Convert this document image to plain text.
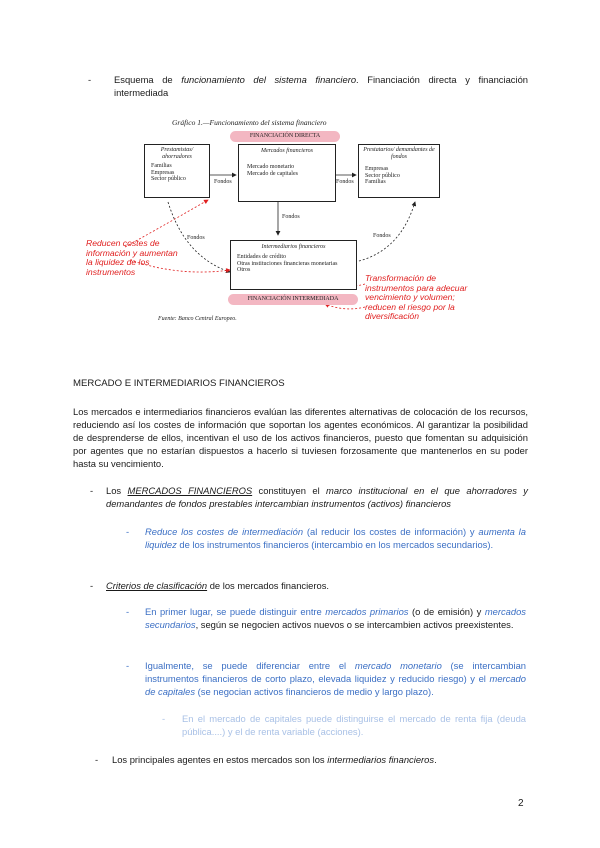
-	Esquema de funcionamiento del sistema financiero. Financiación directa y financiación intermediada
Gráfico 1.—Funcionamiento del sistema financiero
FINANCIACIÓN DIRECTA
Prestamistas/ ahorradores
Familias
Empresas
Sector público
Mercados financieros
Mercado monetario
Mercado de capitales
Prestatarios/ demandantes de fondos
Empresas
Sector público
Familias
Intermediarios financieros
Entidades de crédito
Otras instituciones financieras monetarias
Otros
FINANCIACIÓN INTERMEDIADA
Fondos	Fondos
Fondos
Fondos	Fondos
Fuente: Banco Central Europeo.
Reducen costes de información y aumentan la liquidez de los instrumentos
Transformación de instrumentos para adecuar vencimiento y volumen; reducen el riesgo por la diversificación
MERCADO E INTERMEDIARIOS FINANCIEROS
Los mercados e intermediarios financieros evalúan las diferentes alternativas de colocación de los recursos, reduciendo así los costes de información que soportan los agentes económicos. Al garantizar la posibilidad de desprenderse de ellos, incentivan el uso de los activos financieros, puesto que fomentan su adquisición por agentes que no estarían dispuestos a hacerlo si tuviesen forzosamente que mantenerlos en su poder hasta su vencimiento.
-	Los MERCADOS FINANCIEROS constituyen el marco institucional en el que ahorradores y demandantes de fondos prestables intercambian instrumentos (activos) financieros
-	Reduce los costes de intermediación (al reducir los costes de información) y aumenta la liquidez de los instrumentos financieros (intercambio en los mercados secundarios).
-	Criterios de clasificación de los mercados financieros.
-	En primer lugar, se puede distinguir entre mercados primarios (o de emisión) y mercados secundarios, según se negocien activos nuevos o se intercambien activos preexistentes.
-	Igualmente, se puede diferenciar entre el mercado monetario (se intercambian instrumentos financieros de corto plazo, elevada liquidez y reducido riesgo) y el mercado de capitales (se negocian activos financieros de medio y largo plazo).
-	En el mercado de capitales puede distinguirse el mercado de renta fija (deuda pública....) y el de renta variable (acciones).
-	Los principales agentes en estos mercados son los intermediarios financieros.
2
